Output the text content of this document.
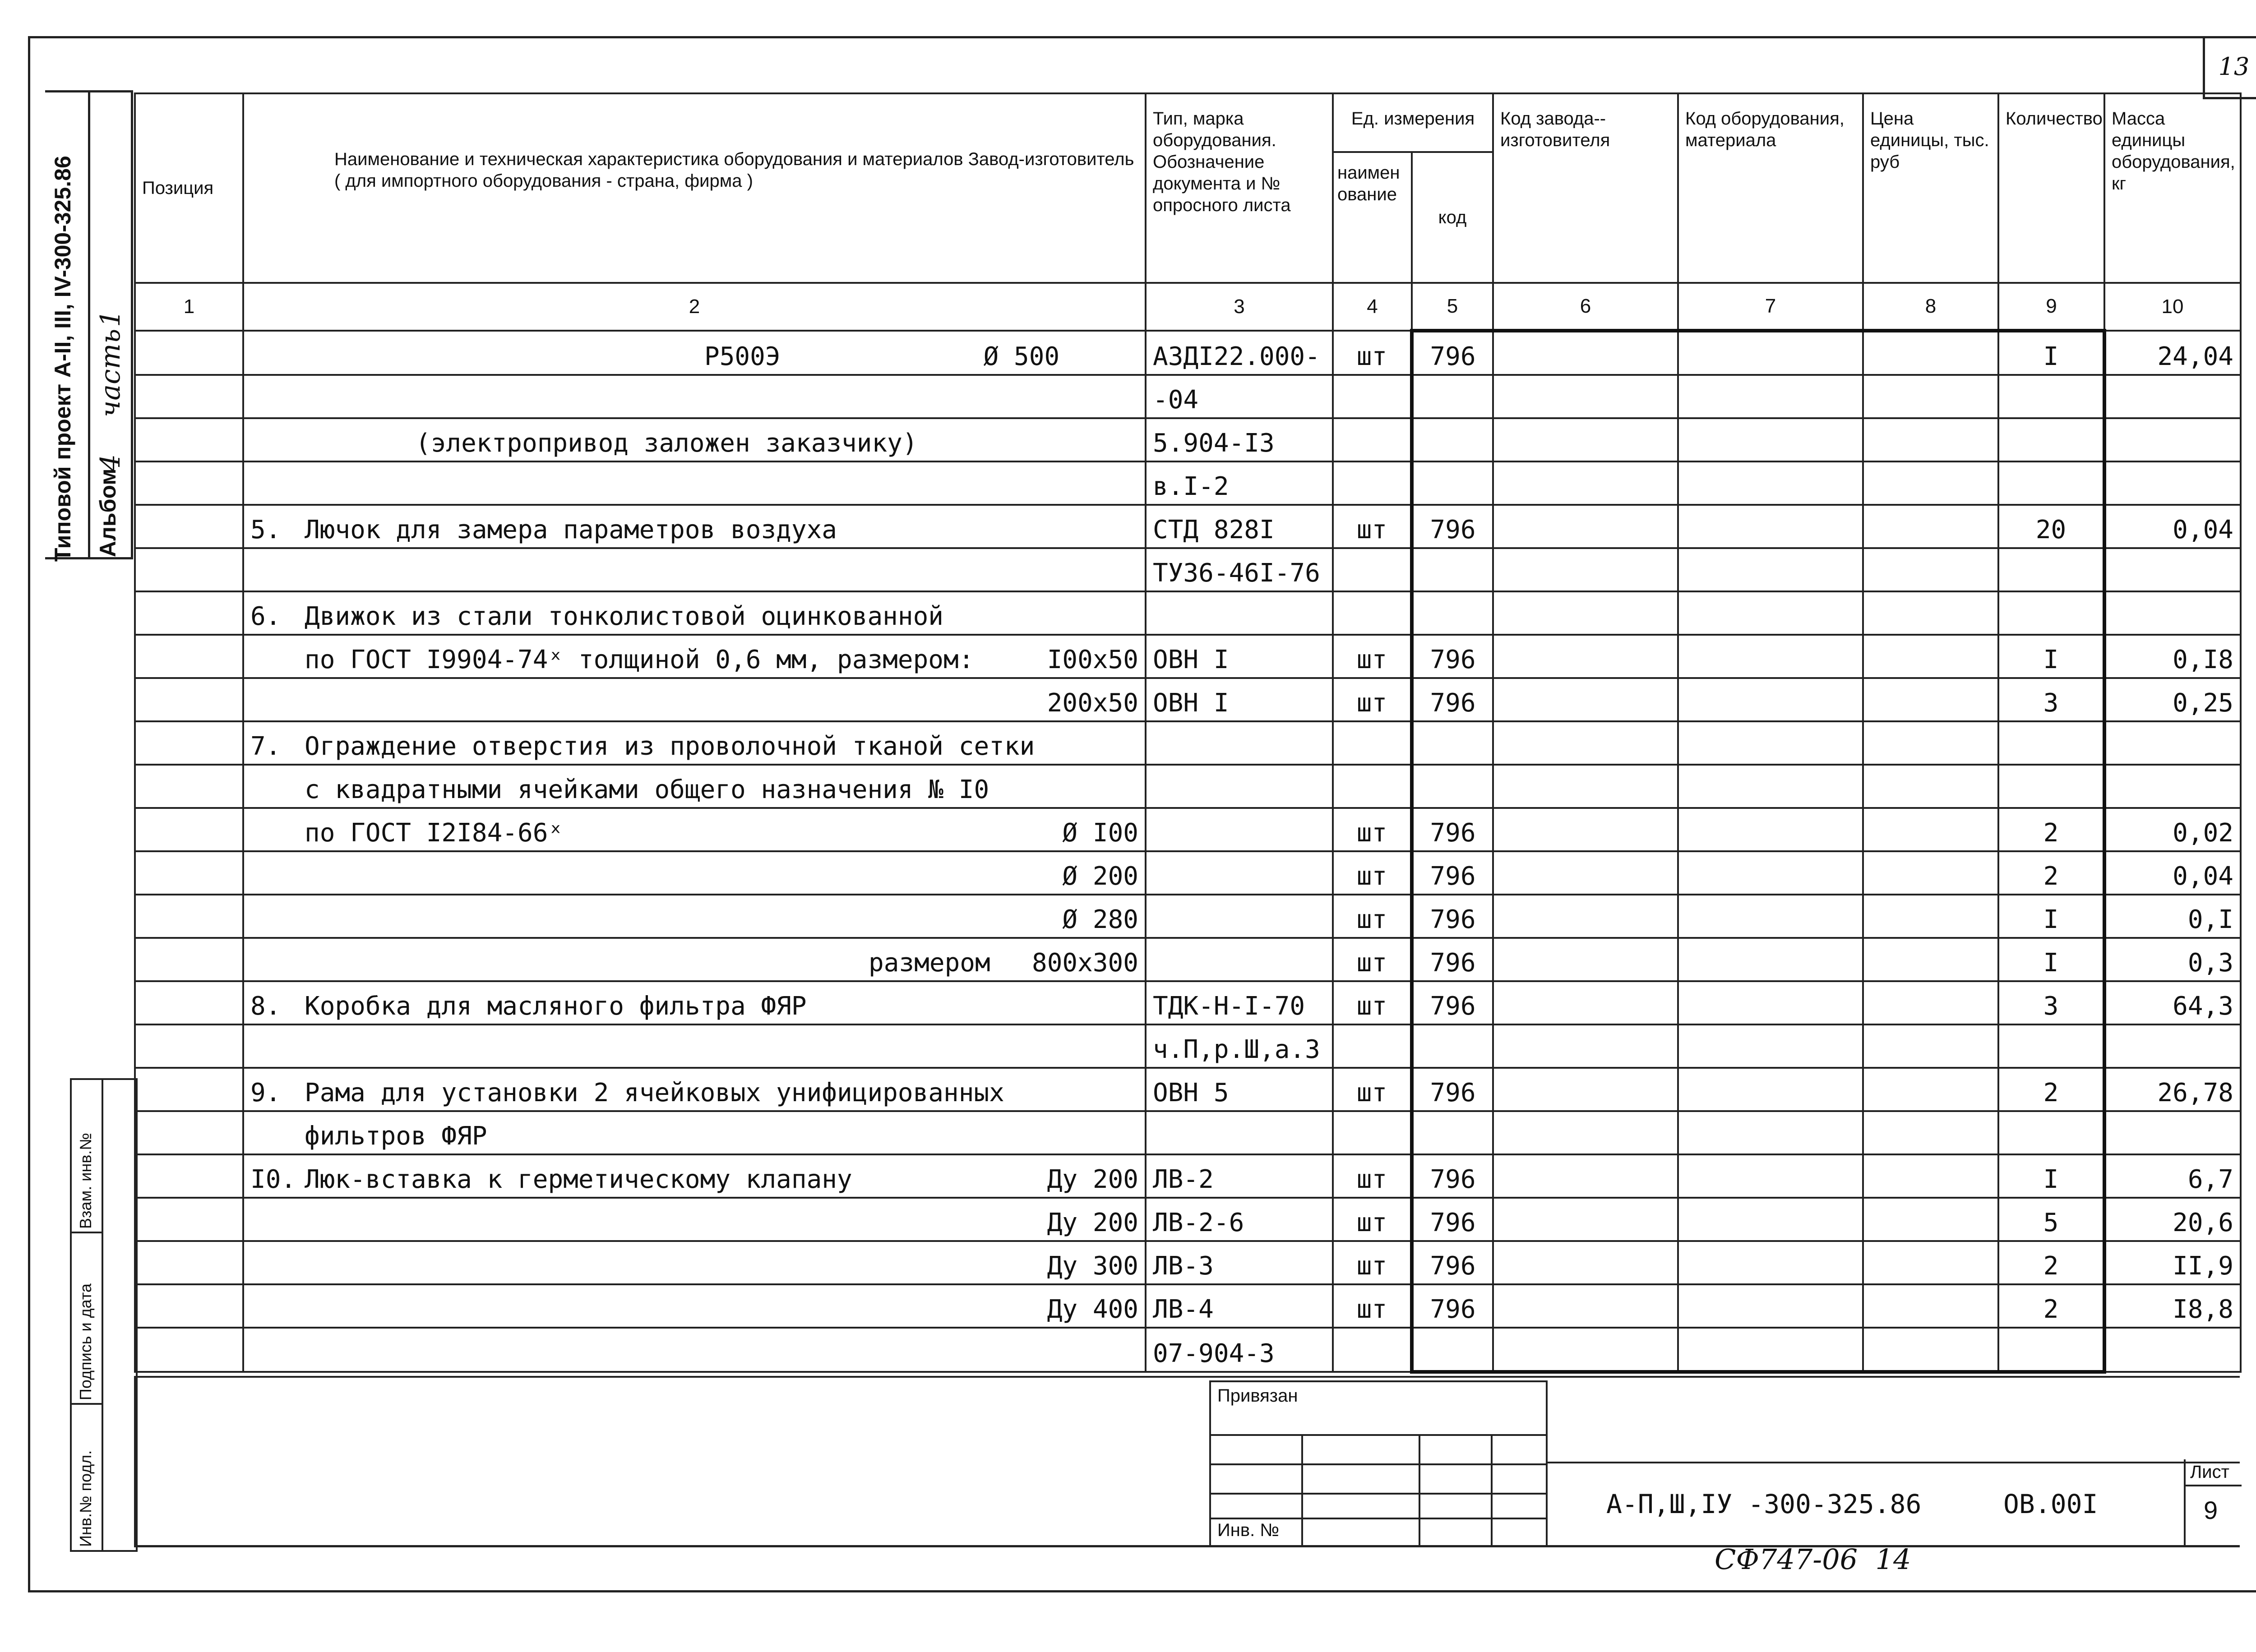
13
Типовой проект А-II, III, IV-300-325.86 Альбом
4
часть
1
Позиция	Наименование и техническая характеристика оборудования и материалов Завод-изготовитель ( для импортного оборудования - страна, фирма )	Тип, марка оборудования. Обозначение документа и № опросного листа	Ед. измерения		Код завода--изготовителя	Код оборудования, материала	Цена единицы, тыс. руб	Количество	Масса единицы оборудования, кг
			наименование	код					
1	2	3	4	5	6	7	8	9	10
	Р500Э Ø 500	АЗДI22.000-	шт	796				I	24,04

	-04							
	(электропривод заложен заказчику)	5.904-I3							

	в.I-2							
	5. Лючок для замера параметров воздуха	СТД 828I	шт	796				20	0,04

	ТУ36-46I-76							
	6. Движок из стали тонколистовой оцинкованной

	по ГОСТ I9904-74ˣ толщиной 0,6 мм, размером: I00x50	ОВН I	шт	796				I	0,I8

	200x50	ОВН I	шт	796				3	0,25
	7. Ограждение отверстия из проволочной тканой сетки

	с квадратными ячейками общего назначения № I0

	по ГОСТ I2I84-66ˣ Ø I00		шт	796				2	0,02

	Ø 200		шт	796				2	0,04

	Ø 280		шт	796				I	0,I
	размером 800x300		шт	796				I	0,3
	8. Коробка для масляного фильтра ФЯР	ТДК-Н-I-70	шт	796				3	64,3

	ч.П,р.Ш,а.3							
	9. Рама для установки 2 ячейковых унифицированных	ОВН 5	шт	796				2	26,78
	фильтров ФЯР

	I0. Люк-вставка к герметическому клапану Ду 200	ЛВ-2	шт	796				I	6,7

	Ду 200	ЛВ-2-6	шт	796				5	20,6

	Ду 300	ЛВ-3	шт	796				2	II,9

	Ду 400	ЛВ-4	шт	796				2	I8,8

	07-904-3							
Взам. инв.№
Подпись и дата
Инв.№ подл.
Привязан
Инв. №
А-П,Ш,IУ -300-325.86	ОВ.00I
Лист
9
СФ747-06  14
